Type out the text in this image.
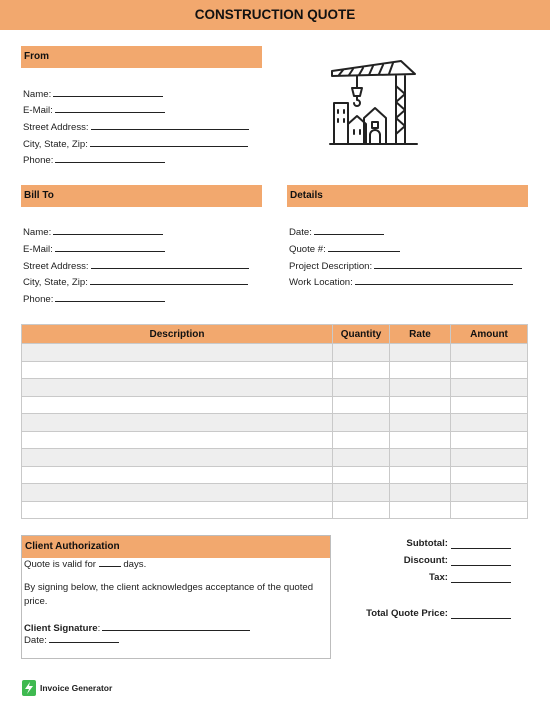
CONSTRUCTION QUOTE
From
Name:
E-Mail:
Street Address:
City, State, Zip:
Phone:
Bill To
Name:
E-Mail:
Street Address:
City, State, Zip:
Phone:
Details
Date:
Quote #:
Project Description:
Work Location:
Description	Quantity	Rate	Amount

Client Authorization
Quote is valid for	days.
By signing below, the client acknowledges acceptance of the quoted price.
Client Signature:
Date:
Subtotal:
Discount:
Tax:
Total Quote Price:
Invoice Generator
